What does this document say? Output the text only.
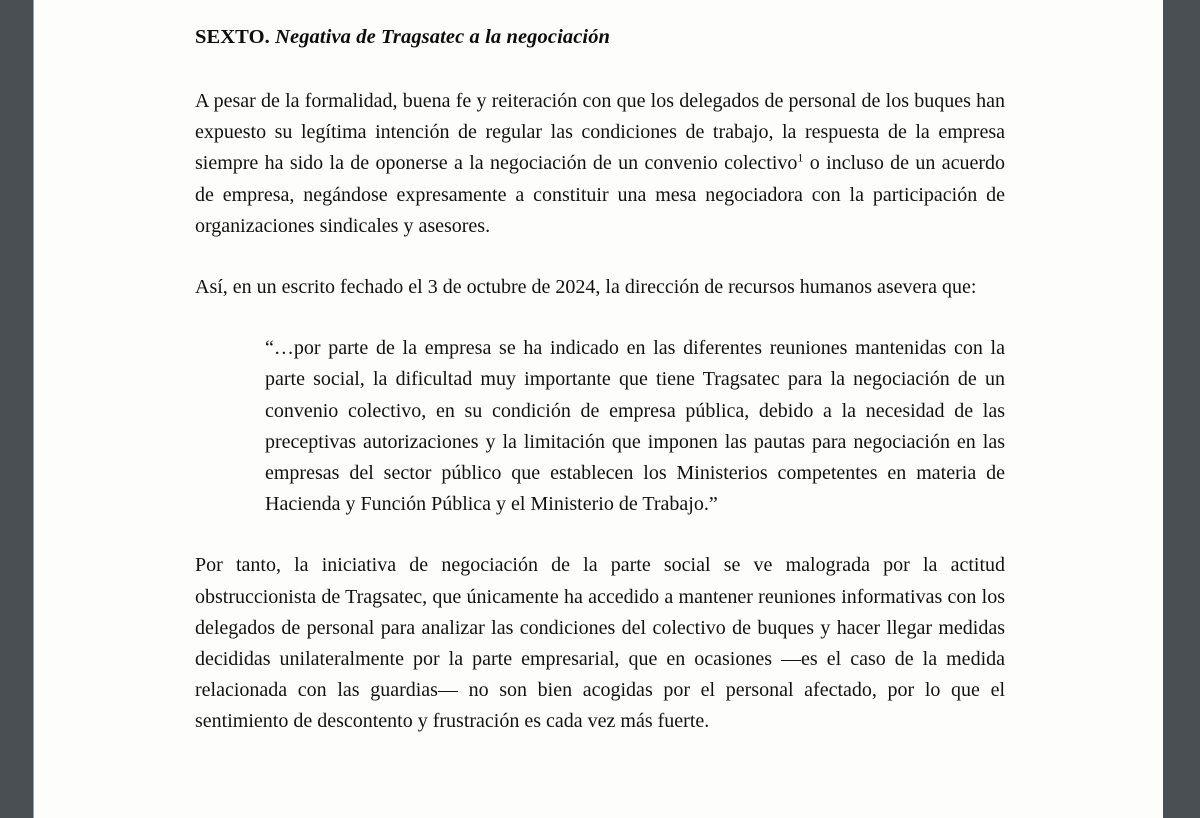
SEXTO. Negativa de Tragsatec a la negociación

A pesar de la formalidad, buena fe y reiteración con que los delegados de personal de los buques han expuesto su legítima intención de regular las condiciones de trabajo, la respuesta de la empresa siempre ha sido la de oponerse a la negociación de un convenio colectivo$^1$ o incluso de un acuerdo de empresa, negándose expresamente a constituir una mesa negociadora con la participación de organizaciones sindicales y asesores.

Así, en un escrito fechado el 3 de octubre de 2024, la dirección de recursos humanos asevera que:

“…por parte de la empresa se ha indicado en las diferentes reuniones mantenidas con la parte social, la dificultad muy importante que tiene Tragsatec para la negociación de un convenio colectivo, en su condición de empresa pública, debido a la necesidad de las preceptivas autorizaciones y la limitación que imponen las pautas para negociación en las empresas del sector público que establecen los Ministerios competentes en materia de Hacienda y Función Pública y el Ministerio de Trabajo.”

Por tanto, la iniciativa de negociación de la parte social se ve malograda por la actitud obstruccionista de Tragsatec, que únicamente ha accedido a mantener reuniones informativas con los delegados de personal para analizar las condiciones del colectivo de buques y hacer llegar medidas decididas unilateralmente por la parte empresarial, que en ocasiones —es el caso de la medida relacionada con las guardias— no son bien acogidas por el personal afectado, por lo que el sentimiento de descontento y frustración es cada vez más fuerte.
